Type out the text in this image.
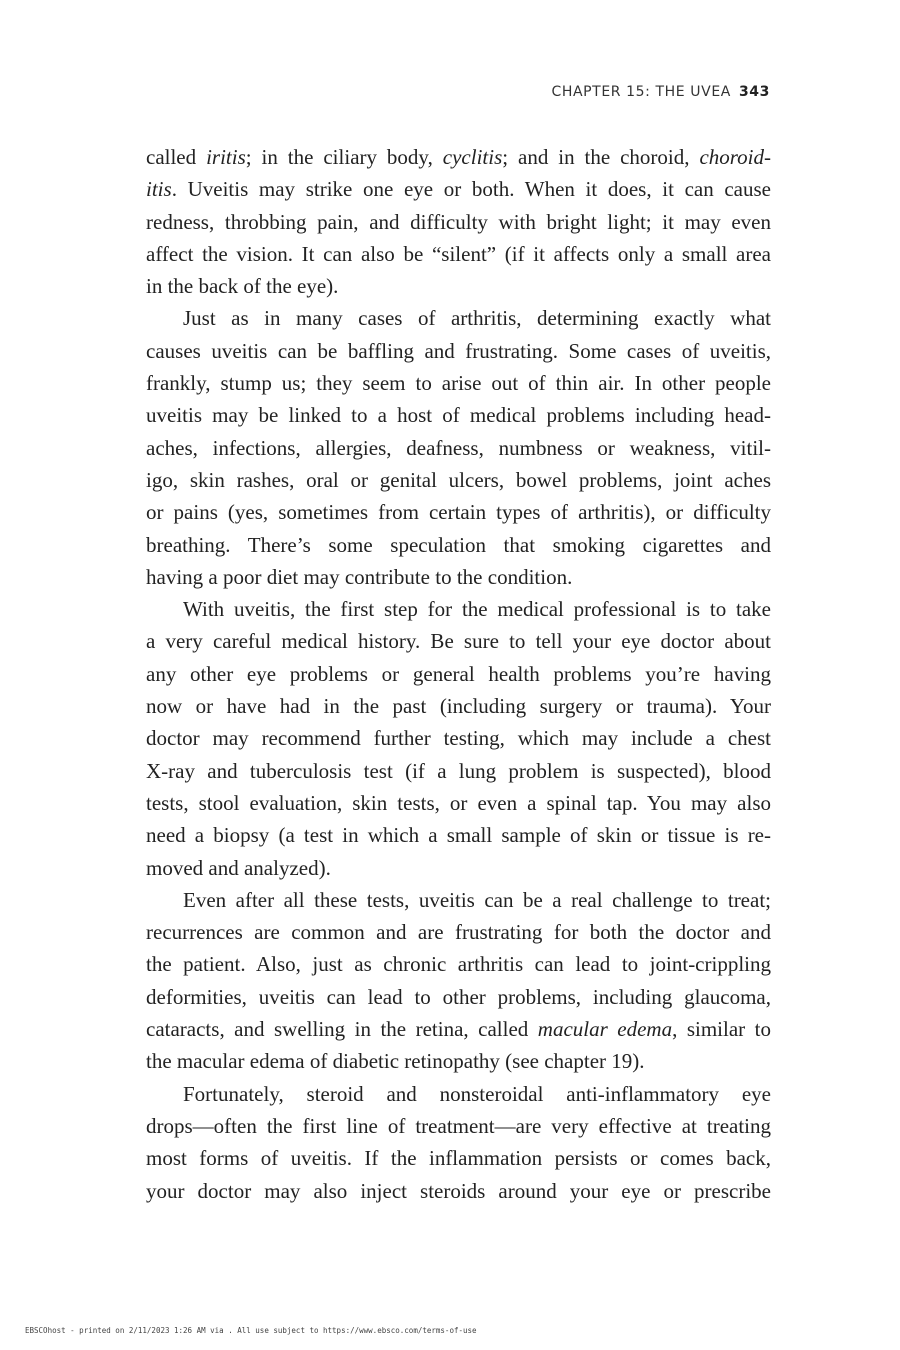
CHAPTER 15: THE UVEA 343

called iritis; in the ciliary body, cyclitis; and in the choroid, choroid-
itis. Uveitis may strike one eye or both. When it does, it can cause
redness, throbbing pain, and difficulty with bright light; it may even
affect the vision. It can also be “silent” (if it affects only a small area
in the back of the eye).

Just as in many cases of arthritis, determining exactly what
causes uveitis can be baffling and frustrating. Some cases of uveitis,
frankly, stump us; they seem to arise out of thin air. In other people
uveitis may be linked to a host of medical problems including head-
aches, infections, allergies, deafness, numbness or weakness, vitil-
igo, skin rashes, oral or genital ulcers, bowel problems, joint aches
or pains (yes, sometimes from certain types of arthritis), or difficulty
breathing. There’s some speculation that smoking cigarettes and
having a poor diet may contribute to the condition.

With uveitis, the first step for the medical professional is to take
a very careful medical history. Be sure to tell your eye doctor about
any other eye problems or general health problems you’re having
now or have had in the past (including surgery or trauma). Your
doctor may recommend further testing, which may include a chest
X-ray and tuberculosis test (if a lung problem is suspected), blood
tests, stool evaluation, skin tests, or even a spinal tap. You may also
need a biopsy (a test in which a small sample of skin or tissue is re-
moved and analyzed).

Even after all these tests, uveitis can be a real challenge to treat;
recurrences are common and are frustrating for both the doctor and
the patient. Also, just as chronic arthritis can lead to joint-crippling
deformities, uveitis can lead to other problems, including glaucoma,
cataracts, and swelling in the retina, called macular edema, similar to
the macular edema of diabetic retinopathy (see chapter 19).

Fortunately, steroid and nonsteroidal anti-inflammatory eye
drops—often the first line of treatment—are very effective at treating
most forms of uveitis. If the inflammation persists or comes back,
your doctor may also inject steroids around your eye or prescribe

EBSCOhost - printed on 2/11/2023 1:26 AM via . All use subject to https://www.ebsco.com/terms-of-use
